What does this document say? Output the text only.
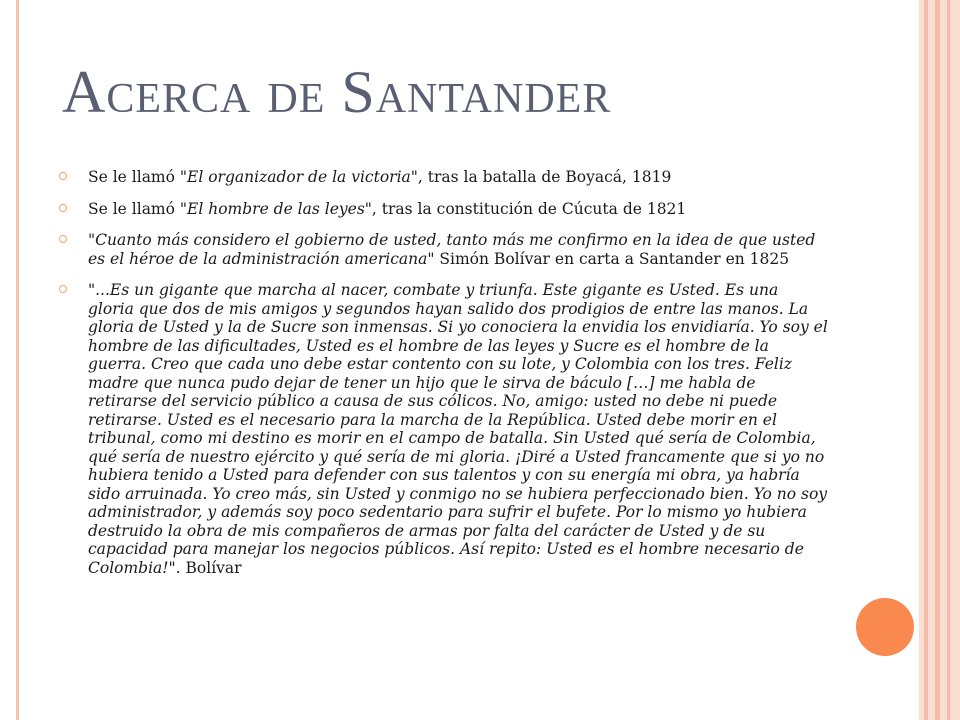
Acerca de Santander
Se le llamó "El organizador de la victoria", tras la batalla de Boyacá, 1819
Se le llamó "El hombre de las leyes", tras la constitución de Cúcuta de 1821
"Cuanto más considero el gobierno de usted, tanto más me confirmo en la idea de que usted es el héroe de la administración americana" Simón Bolívar en carta a Santander en 1825
"...Es un gigante que marcha al nacer, combate y triunfa. Este gigante es Usted. Es una gloria que dos de mis amigos y segundos hayan salido dos prodigios de entre las manos. La gloria de Usted y la de Sucre son inmensas. Si yo conociera la envidia los envidiaría. Yo soy el hombre de las dificultades, Usted es el hombre de las leyes y Sucre es el hombre de la guerra. Creo que cada uno debe estar contento con su lote, y Colombia con los tres. Feliz madre que nunca pudo dejar de tener un hijo que le sirva de báculo […] me habla de retirarse del servicio público a causa de sus cólicos. No, amigo: usted no debe ni puede retirarse. Usted es el necesario para la marcha de la República. Usted debe morir en el tribunal, como mi destino es morir en el campo de batalla. Sin Usted qué sería de Colombia, qué sería de nuestro ejército y qué sería de mi gloria. ¡Diré a Usted francamente que si yo no hubiera tenido a Usted para defender con sus talentos y con su energía mi obra, ya habría sido arruinada. Yo creo más, sin Usted y conmigo no se hubiera perfeccionado bien. Yo no soy administrador, y además soy poco sedentario para sufrir el bufete. Por lo mismo yo hubiera destruido la obra de mis compañeros de armas por falta del carácter de Usted y de su capacidad para manejar los negocios públicos. Así repito: Usted es el hombre necesario de Colombia!". Bolívar
